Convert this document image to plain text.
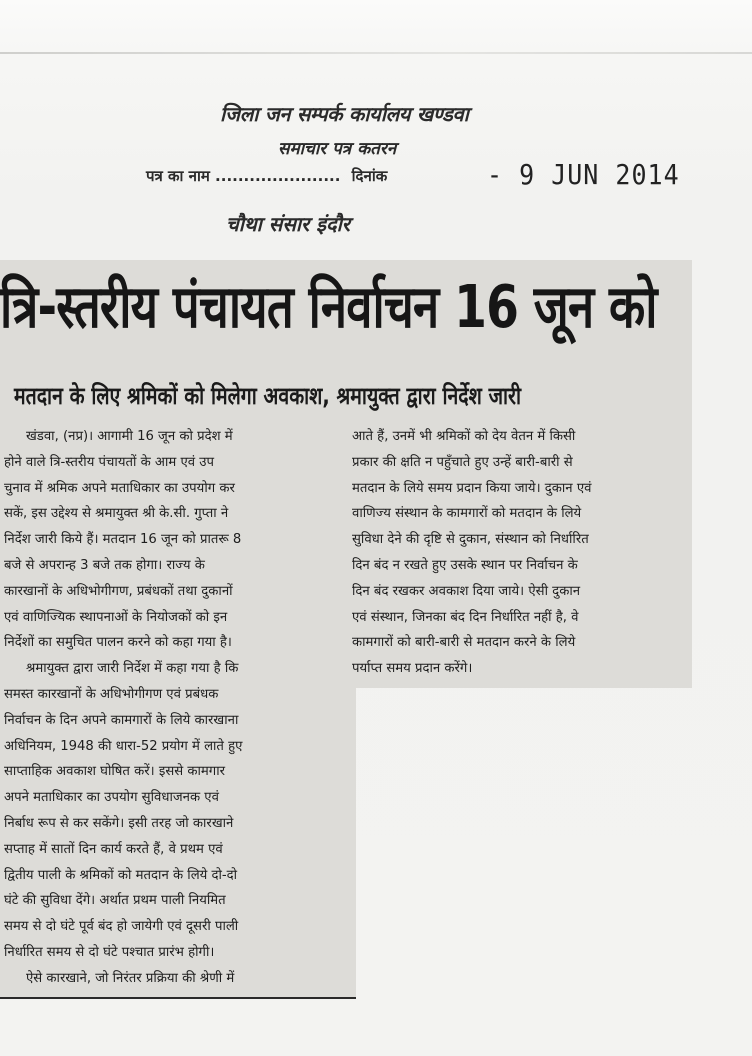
जिला जन सम्पर्क कार्यालय खण्डवा
समाचार पत्र कतरन
पत्र का नाम ...................... दिनांक	- 9 JUN 2014
चौथा संसार इंदौर
त्रि-स्तरीय पंचायत निर्वाचन 16 जून को
मतदान के लिए श्रमिकों को मिलेगा अवकाश, श्रमायुक्त द्वारा निर्देश जारी
खंडवा, (नप्र)। आगामी 16 जून को प्रदेश में
होने वाले त्रि-स्तरीय पंचायतों के आम एवं उप
चुनाव में श्रमिक अपने मताधिकार का उपयोग कर
सकें, इस उद्देश्य से श्रमायुक्त श्री के.सी. गुप्ता ने
निर्देश जारी किये हैं। मतदान 16 जून को प्रातरू 8
बजे से अपरान्ह 3 बजे तक होगा। राज्य के
कारखानों के अधिभोगीगण, प्रबंधकों तथा दुकानों
एवं वाणिज्यिक स्थापनाओं के नियोजकों को इन
निर्देशों का समुचित पालन करने को कहा गया है।
श्रमायुक्त द्वारा जारी निर्देश में कहा गया है कि
समस्त कारखानों के अधिभोगीगण एवं प्रबंधक
निर्वाचन के दिन अपने कामगारों के लिये कारखाना
अधिनियम, 1948 की धारा-52 प्रयोग में लाते हुए
साप्ताहिक अवकाश घोषित करें। इससे कामगार
अपने मताधिकार का उपयोग सुविधाजनक एवं
निर्बाध रूप से कर सकेंगे। इसी तरह जो कारखाने
सप्ताह में सातों दिन कार्य करते हैं, वे प्रथम एवं
द्वितीय पाली के श्रमिकों को मतदान के लिये दो-दो
घंटे की सुविधा देंगे। अर्थात प्रथम पाली नियमित
समय से दो घंटे पूर्व बंद हो जायेगी एवं दूसरी पाली
निर्धारित समय से दो घंटे पश्चात प्रारंभ होगी।
ऐसे कारखाने, जो निरंतर प्रक्रिया की श्रेणी में
आते हैं, उनमें भी श्रमिकों को देय वेतन में किसी
प्रकार की क्षति न पहुँचाते हुए उन्हें बारी-बारी से
मतदान के लिये समय प्रदान किया जाये। दुकान एवं
वाणिज्य संस्थान के कामगारों को मतदान के लिये
सुविधा देने की दृष्टि से दुकान, संस्थान को निर्धारित
दिन बंद न रखते हुए उसके स्थान पर निर्वाचन के
दिन बंद रखकर अवकाश दिया जाये। ऐसी दुकान
एवं संस्थान, जिनका बंद दिन निर्धारित नहीं है, वे
कामगारों को बारी-बारी से मतदान करने के लिये
पर्याप्त समय प्रदान करेंगे।
